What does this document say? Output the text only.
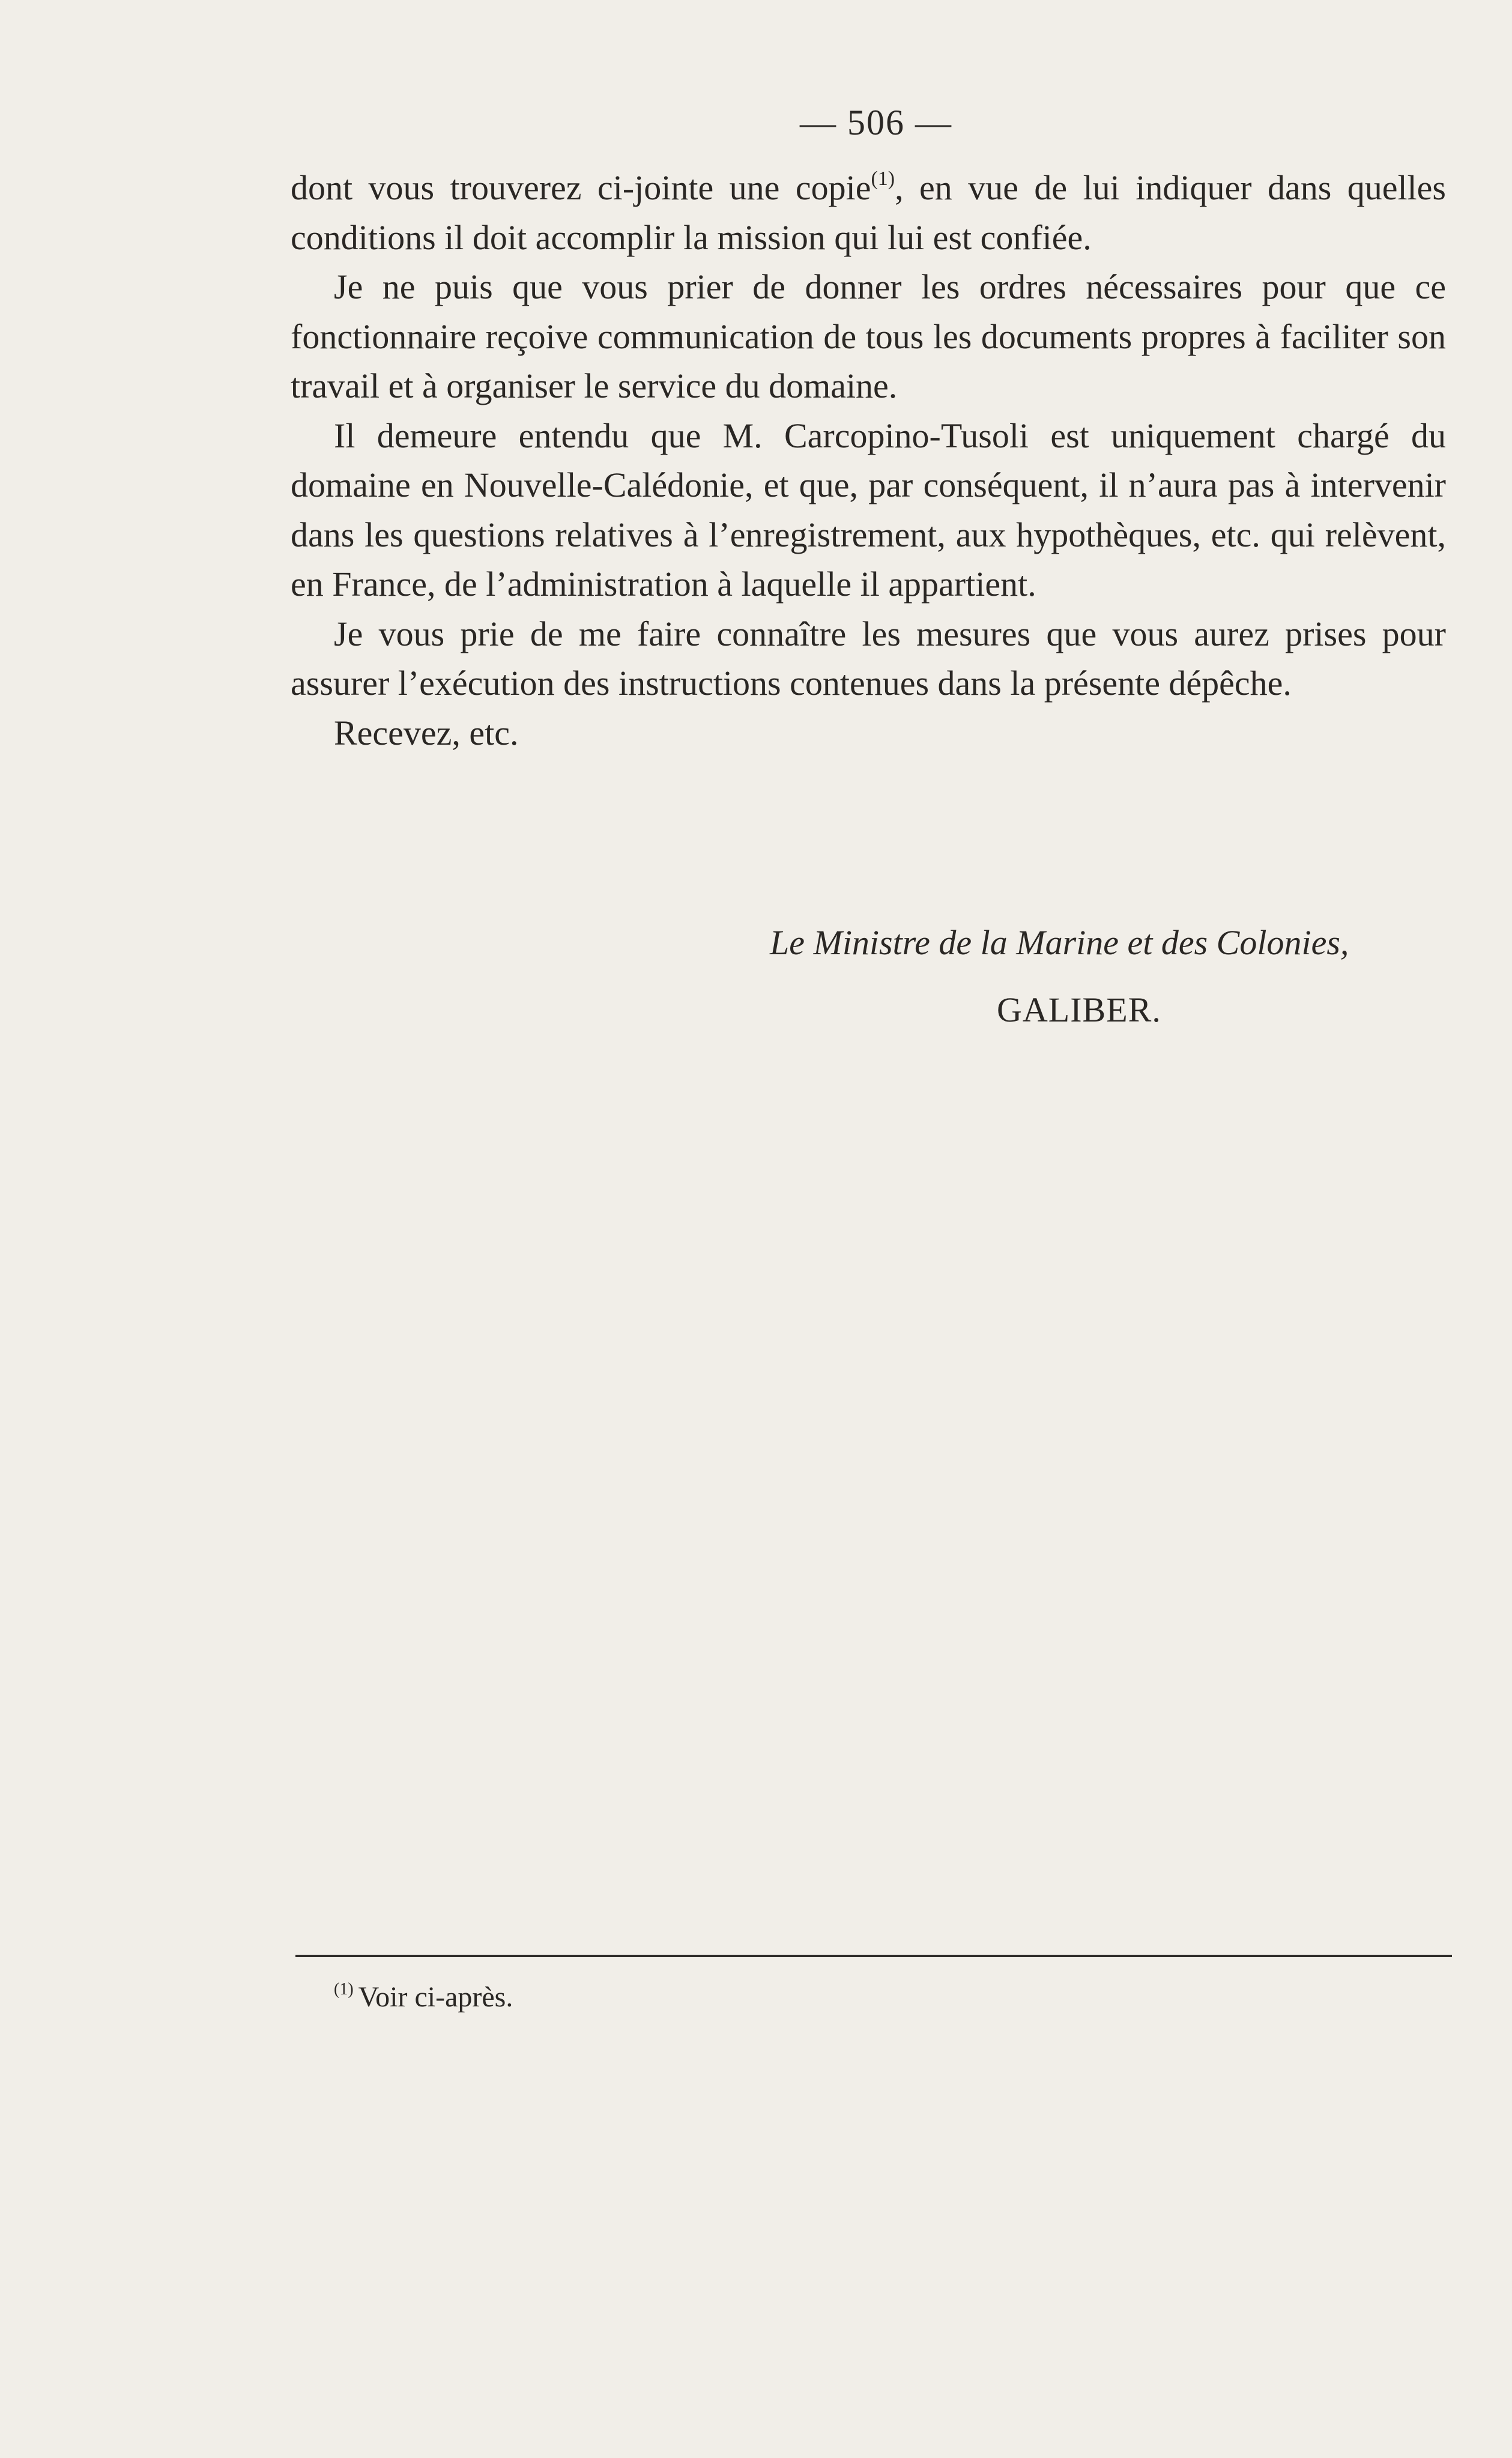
— 506 —

dont vous trouverez ci-jointe une copie$^{(1)}$, en vue de lui indiquer dans quelles conditions il doit accomplir la mission qui lui est confiée.

Je ne puis que vous prier de donner les ordres nécessaires pour que ce fonctionnaire reçoive communication de tous les documents propres à faciliter son travail et à organiser le service du domaine.

Il demeure entendu que M. Carcopino-Tusoli est uniquement chargé du domaine en Nouvelle-Calédonie, et que, par conséquent, il n’aura pas à intervenir dans les questions relatives à l’enregistrement, aux hypothèques, etc. qui relèvent, en France, de l’administration à laquelle il appartient.

Je vous prie de me faire connaître les mesures que vous aurez prises pour assurer l’exécution des instructions contenues dans la présente dépêche.

Recevez, etc.

Le Ministre de la Marine et des Colonies,
GALIBER.
$^{(1)}$ Voir ci-après.
